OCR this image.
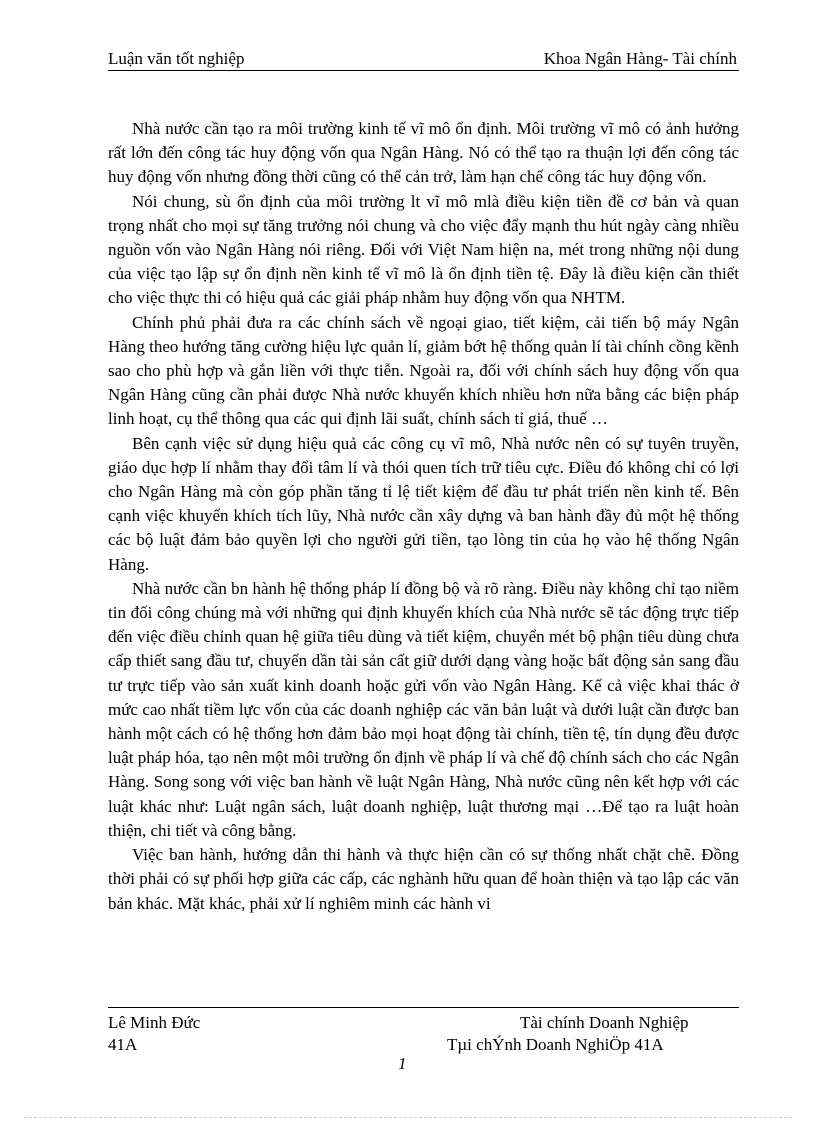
Luận văn tốt nghiệp	Khoa Ngân Hàng- Tài chính

Nhà nước cần tạo ra môi trường kinh tế vĩ mô ổn định. Môi trường vĩ mô có ảnh hưởng rất lớn đến công tác huy động vốn qua Ngân Hàng. Nó có thể tạo ra thuận lợi đến công tác huy động vốn nhưng đồng thời cũng có thể cản trở, làm hạn chế công tác huy động vốn.

Nói chung, sù ổn định của môi trường lt vĩ mô mlà điều kiện tiền đề cơ bản và quan trọng nhất cho mọi sự tăng trưởng nói chung và cho việc đẩy mạnh thu hút ngày càng nhiều nguồn vốn vào Ngân Hàng nói riêng. Đối với Việt Nam hiện na, mét trong những nội dung của việc tạo lập sự ổn định nền kinh tế vĩ mô là ổn định tiền tệ. Đây là điều kiện cần thiết cho việc thực thi có hiệu quả các giải pháp nhằm huy động vốn qua NHTM.

Chính phủ phải đưa ra các chính sách về ngoại giao, tiết kiệm, cải tiến bộ máy Ngân Hàng theo hướng tăng cường hiệu lực quản lí, giảm bớt hệ thống quản lí tài chính cồng kềnh sao cho phù hợp và gắn liền với thực tiễn. Ngoài ra, đối với chính sách huy động vốn qua Ngân Hàng cũng cần phải được Nhà nước khuyến khích nhiều hơn nữa bằng các biện pháp linh hoạt, cụ thể thông qua các qui định lãi suất, chính sách tỉ giá, thuế …

Bên cạnh việc sử dụng hiệu quả các công cụ vĩ mô, Nhà nước nên có sự tuyên truyền, giáo dục hợp lí nhằm thay đổi tâm lí và thói quen tích trữ tiêu cực. Điều đó không chỉ có lợi cho Ngân Hàng mà còn góp phần tăng tỉ lệ tiết kiệm để đầu tư phát triển nền kinh tế. Bên cạnh việc khuyến khích tích lũy, Nhà nước cần xây dựng và ban hành đầy đủ một hệ thống các bộ luật đảm bảo quyền lợi cho người gửi tiền, tạo lòng tin của họ vào hệ thống Ngân Hàng.

Nhà nước cần bn hành hệ thống pháp lí đồng bộ và rõ ràng. Điều này không chỉ tạo niềm tin đối công chúng mà với những qui định khuyến khích của Nhà nước sẽ tác động trực tiếp đến việc điều chỉnh quan hệ giữa tiêu dùng và tiết kiệm, chuyển mét bộ phận tiêu dùng chưa cấp thiết sang đầu tư, chuyển dần tài sản cất giữ dưới dạng vàng hoặc bất động sản sang đầu tư trực tiếp vào sản xuất kinh doanh hoặc gửi vốn vào Ngân Hàng. Kể cả việc khai thác ở mức cao nhất tiềm lực vốn của các doanh nghiệp các văn bản luật và dưới luật cần được ban hành một cách có hệ thống hơn đảm bảo mọi hoạt động tài chính, tiền tệ, tín dụng đều được luật pháp hóa, tạo nên một môi trường ổn định về pháp lí và chế độ chính sách cho các Ngân Hàng. Song song với việc ban hành về luật Ngân Hàng, Nhà nước cũng nên kết hợp với các luật khác như: Luật ngân sách, luật doanh nghiệp, luật thương mại …Để tạo ra luật hoàn thiện, chi tiết và công bằng.

Việc ban hành, hướng dẫn thi hành và thực hiện cần có sự thống nhất chặt chẽ. Đồng thời phải có sự phối hợp giữa các cấp, các nghành hữu quan để hoàn thiện và tạo lập các văn bản khác. Mặt khác, phải xử lí nghiêm minh các hành vi

Lê Minh Đức	Tài chính Doanh Nghiệp
41A	Tµi chÝnh Doanh NghiÖp 41A
1
